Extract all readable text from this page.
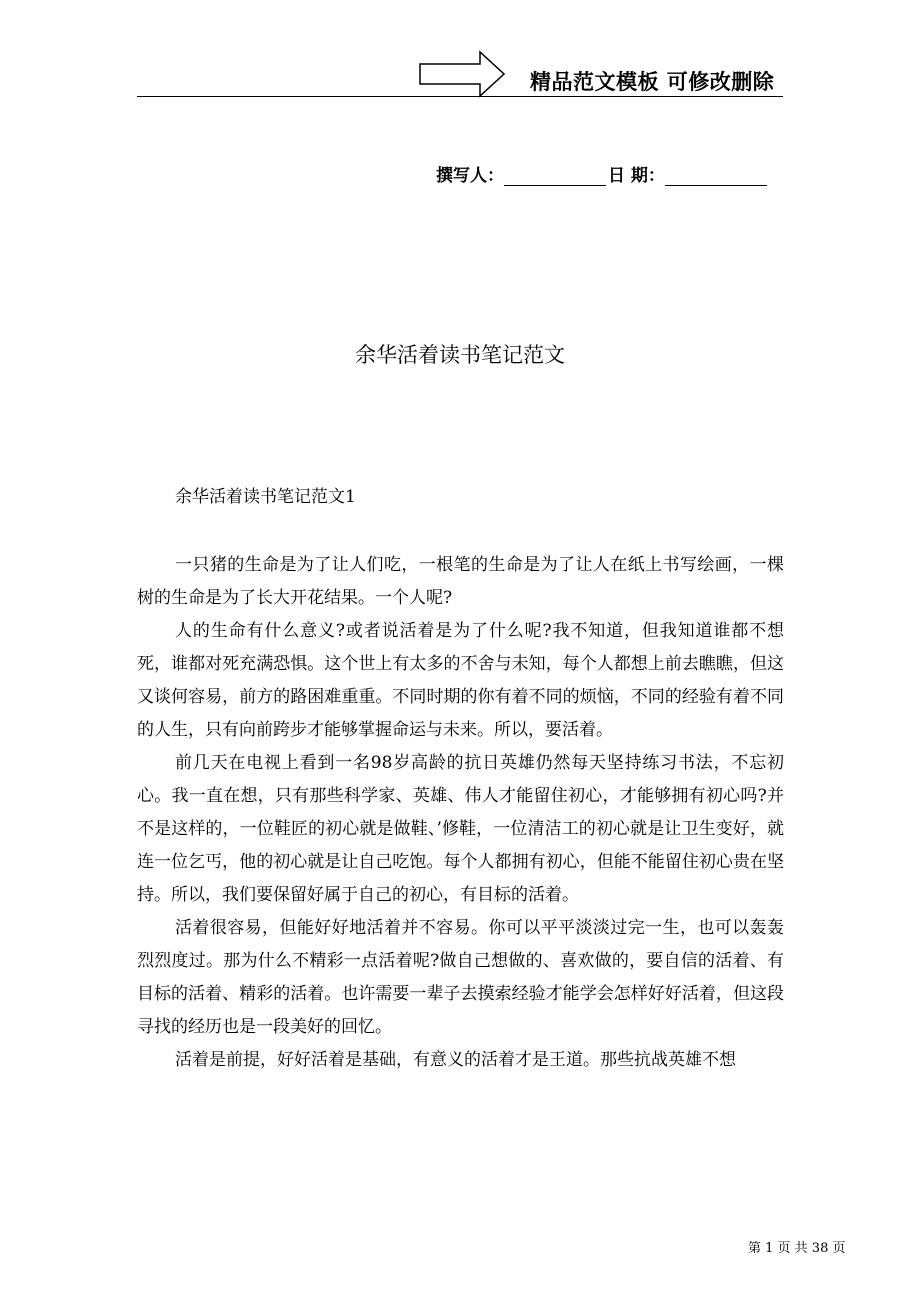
精品范文模板 可修改删除
撰写人：	日 期：
余华活着读书笔记范文
余华活着读书笔记范文1

一只猪的生命是为了让人们吃，一根笔的生命是为了让人在纸上书写绘画，一棵树的生命是为了长大开花结果。一个人呢?

人的生命有什么意义?或者说活着是为了什么呢?我不知道，但我知道谁都不想死，谁都对死充满恐惧。这个世上有太多的不舍与未知，每个人都想上前去瞧瞧，但这又谈何容易，前方的路困难重重。不同时期的你有着不同的烦恼，不同的经验有着不同的人生，只有向前跨步才能够掌握命运与未来。所以，要活着。

前几天在电视上看到一名98岁高龄的抗日英雄仍然每天坚持练习书法，不忘初心。我一直在想，只有那些科学家、英雄、伟人才能留住初心，才能够拥有初心吗?并不是这样的，一位鞋匠的初心就是做鞋、’修鞋，一位清洁工的初心就是让卫生变好，就连一位乞丐，他的初心就是让自己吃饱。每个人都拥有初心，但能不能留住初心贵在坚持。所以，我们要保留好属于自己的初心，有目标的活着。

活着很容易，但能好好地活着并不容易。你可以平平淡淡过完一生，也可以轰轰烈烈度过。那为什么不精彩一点活着呢?做自己想做的、喜欢做的，要自信的活着、有目标的活着、精彩的活着。也许需要一辈子去摸索经验才能学会怎样好好活着，但这段寻找的经历也是一段美好的回忆。

活着是前提，好好活着是基础，有意义的活着才是王道。那些抗战英雄不想

第 1 页 共 38 页
